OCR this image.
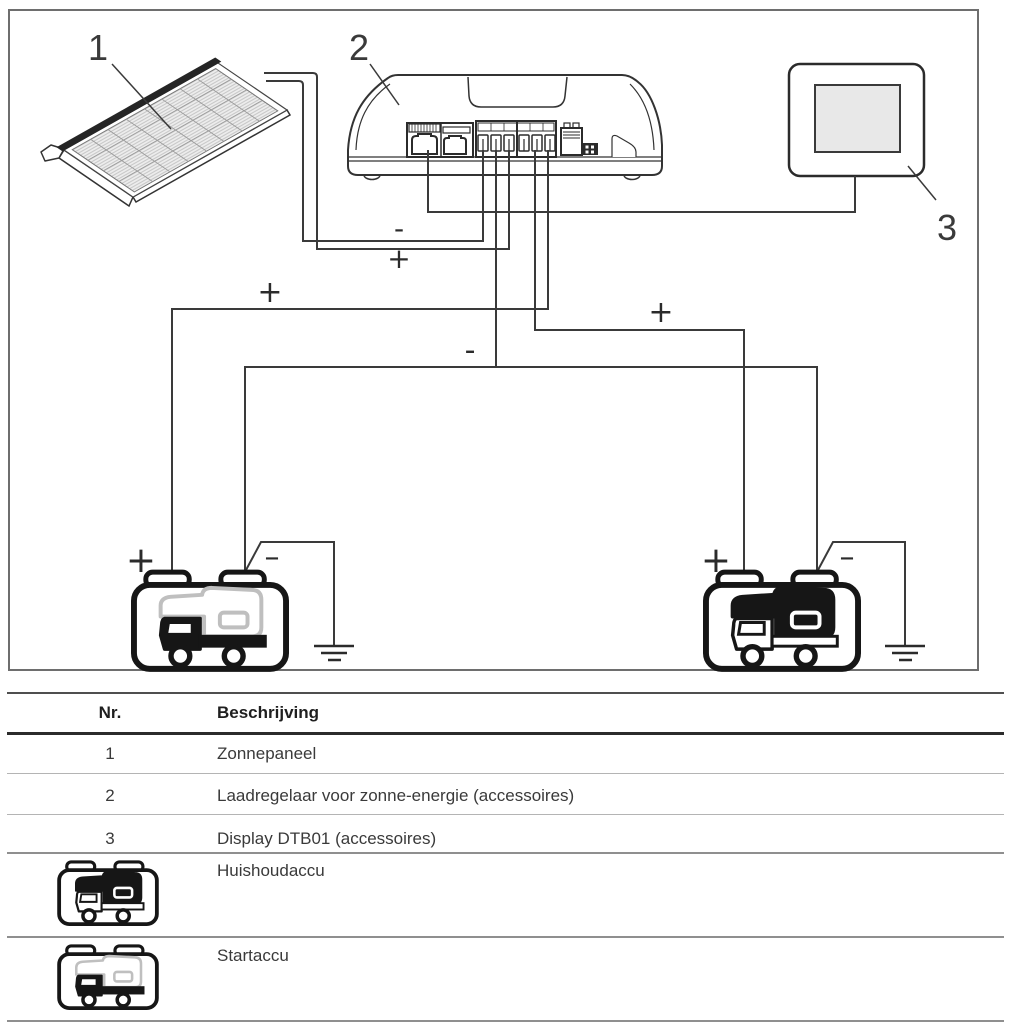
-
+
+
-
+
+	–	+	–
1	2
3
Nr.	Beschrijving
1	Zonnepaneel
2	Laadregelaar voor zonne-energie (accessoires)
3	Display DTB01 (accessoires)
Huishoudaccu
Startaccu
